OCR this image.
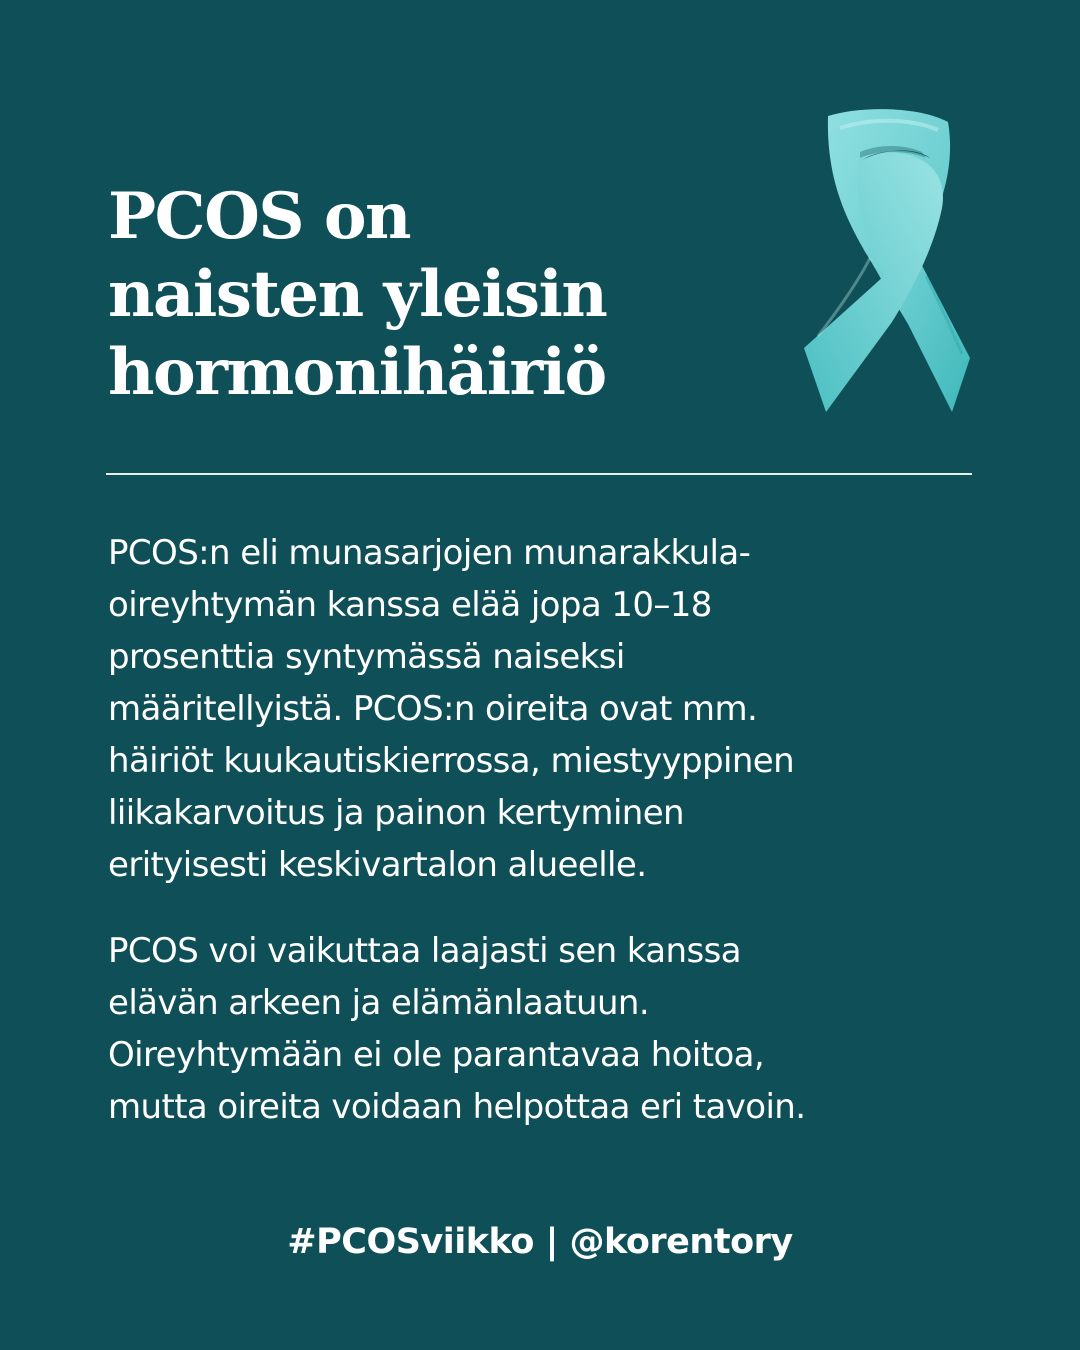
PCOS on
naisten yleisin
hormonihäiriö

PCOS:n eli munasarjojen munarakkula-
oireyhtymän kanssa elää jopa 10–18
prosenttia syntymässä naiseksi
määritellyistä. PCOS:n oireita ovat mm.
häiriöt kuukautiskierrossa, miestyyppinen
liikakarvoitus ja painon kertyminen
erityisesti keskivartalon alueelle.

PCOS voi vaikuttaa laajasti sen kanssa
elävän arkeen ja elämänlaatuun.
Oireyhtymään ei ole parantavaa hoitoa,
mutta oireita voidaan helpottaa eri tavoin.

#PCOSviikko | @korentory
